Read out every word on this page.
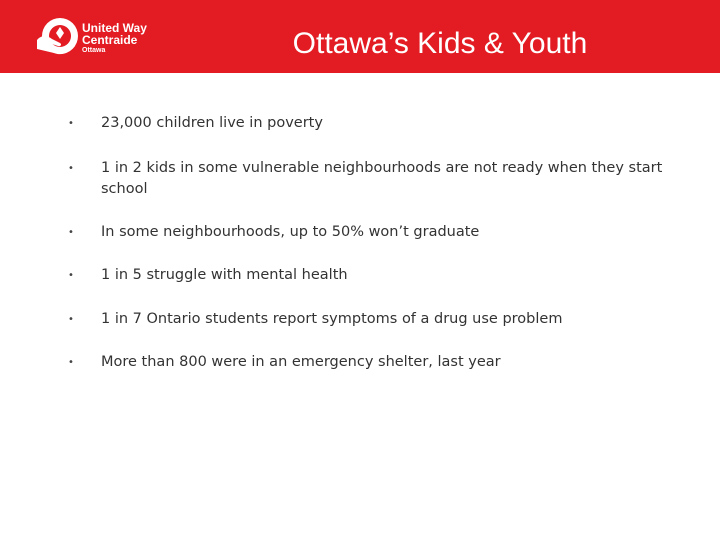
United Way
Centraide
Ottawa	Ottawa’s Kids & Youth
• 23,000 children live in poverty
• 1 in 2 kids in some vulnerable neighbourhoods are not ready when they start school
• In some neighbourhoods, up to 50% won’t graduate
• 1 in 5 struggle with mental health
• 1 in 7 Ontario students report symptoms of a drug use problem
• More than 800 were in an emergency shelter, last year
